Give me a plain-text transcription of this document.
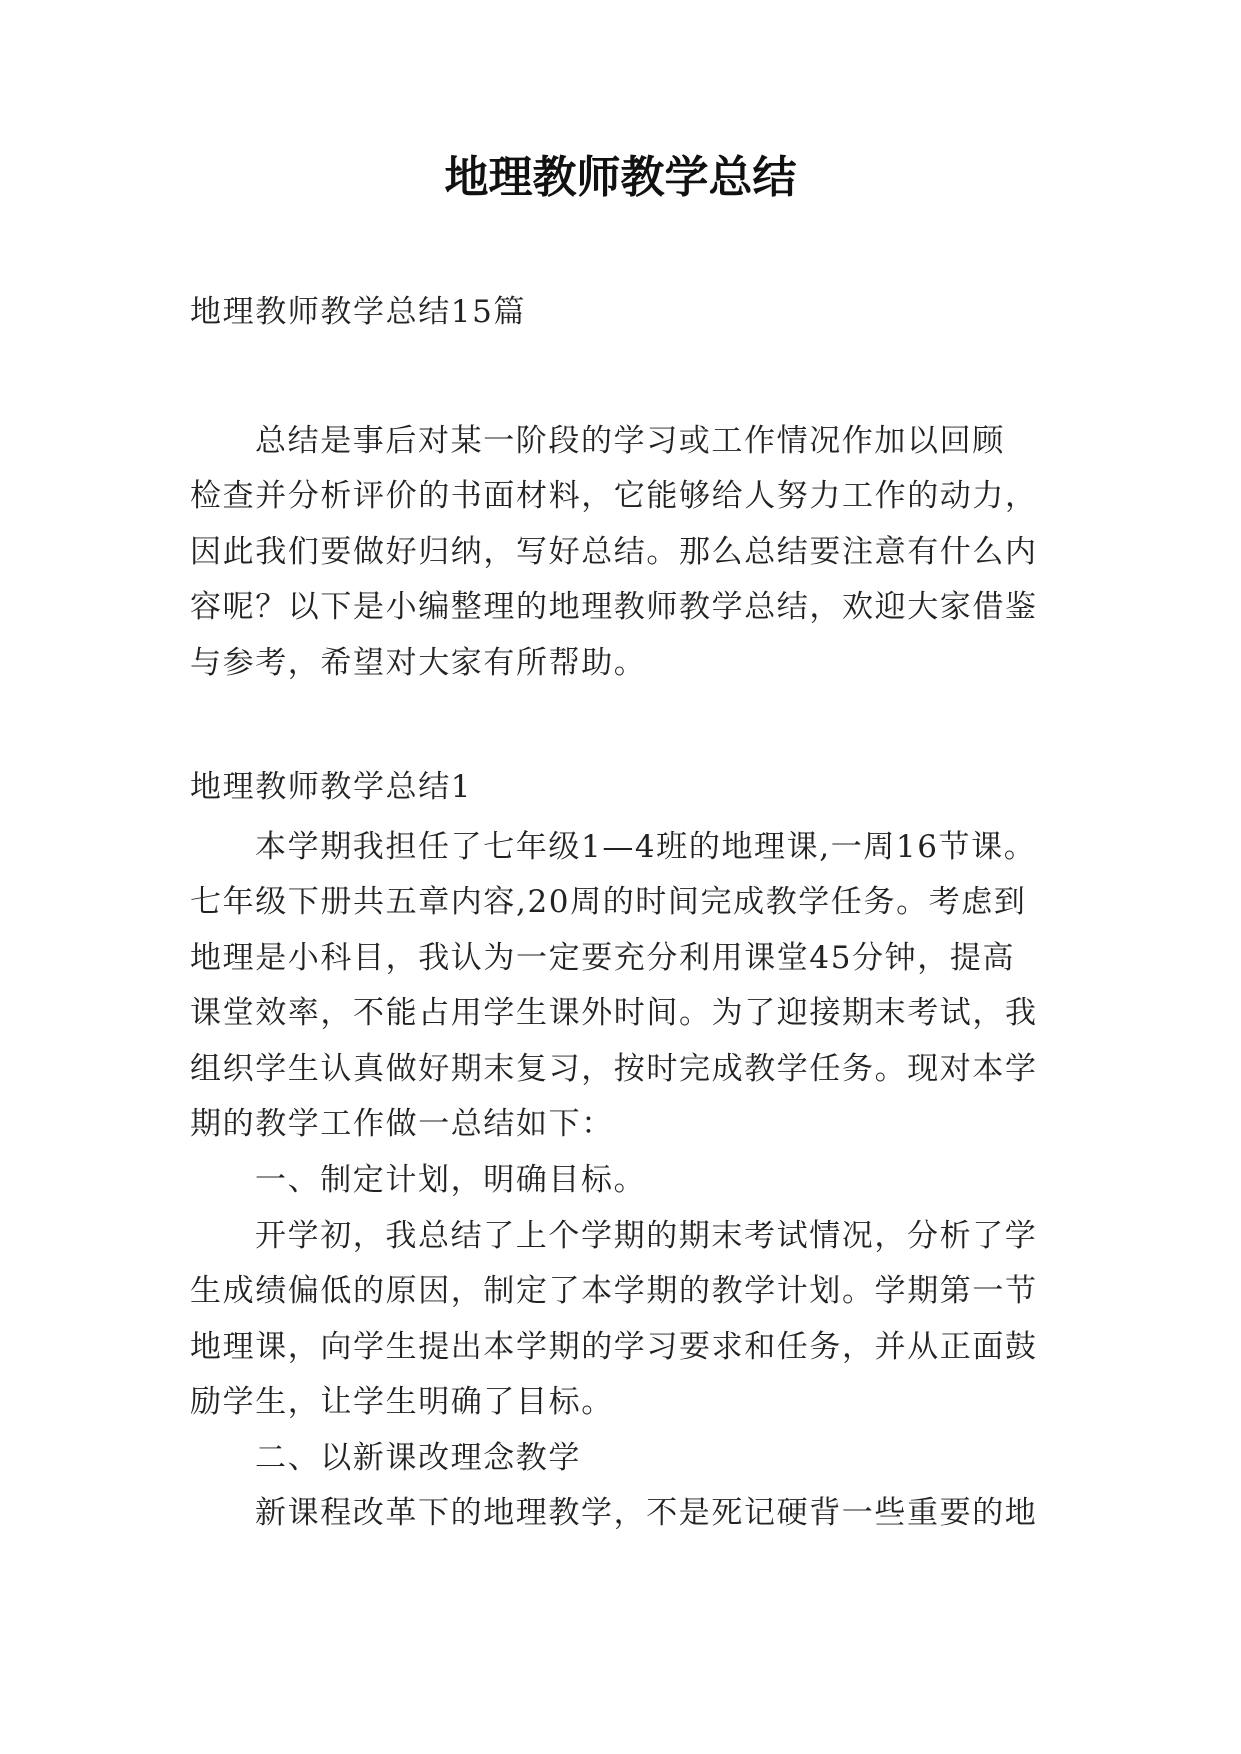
地理教师教学总结
地理教师教学总结15篇
总结是事后对某一阶段的学习或工作情况作加以回顾
检查并分析评价的书面材料，它能够给人努力工作的动力，
因此我们要做好归纳，写好总结。那么总结要注意有什么内
容呢？以下是小编整理的地理教师教学总结，欢迎大家借鉴
与参考，希望对大家有所帮助。
地理教师教学总结1
本学期我担任了七年级1—4班的地理课,一周16节课。
七年级下册共五章内容,20周的时间完成教学任务。考虑到
地理是小科目，我认为一定要充分利用课堂45分钟，提高
课堂效率，不能占用学生课外时间。为了迎接期末考试，我
组织学生认真做好期末复习，按时完成教学任务。现对本学
期的教学工作做一总结如下：
一、制定计划，明确目标。
开学初，我总结了上个学期的期末考试情况，分析了学
生成绩偏低的原因，制定了本学期的教学计划。学期第一节
地理课，向学生提出本学期的学习要求和任务，并从正面鼓
励学生，让学生明确了目标。
二、以新课改理念教学
新课程改革下的地理教学，不是死记硬背一些重要的地
